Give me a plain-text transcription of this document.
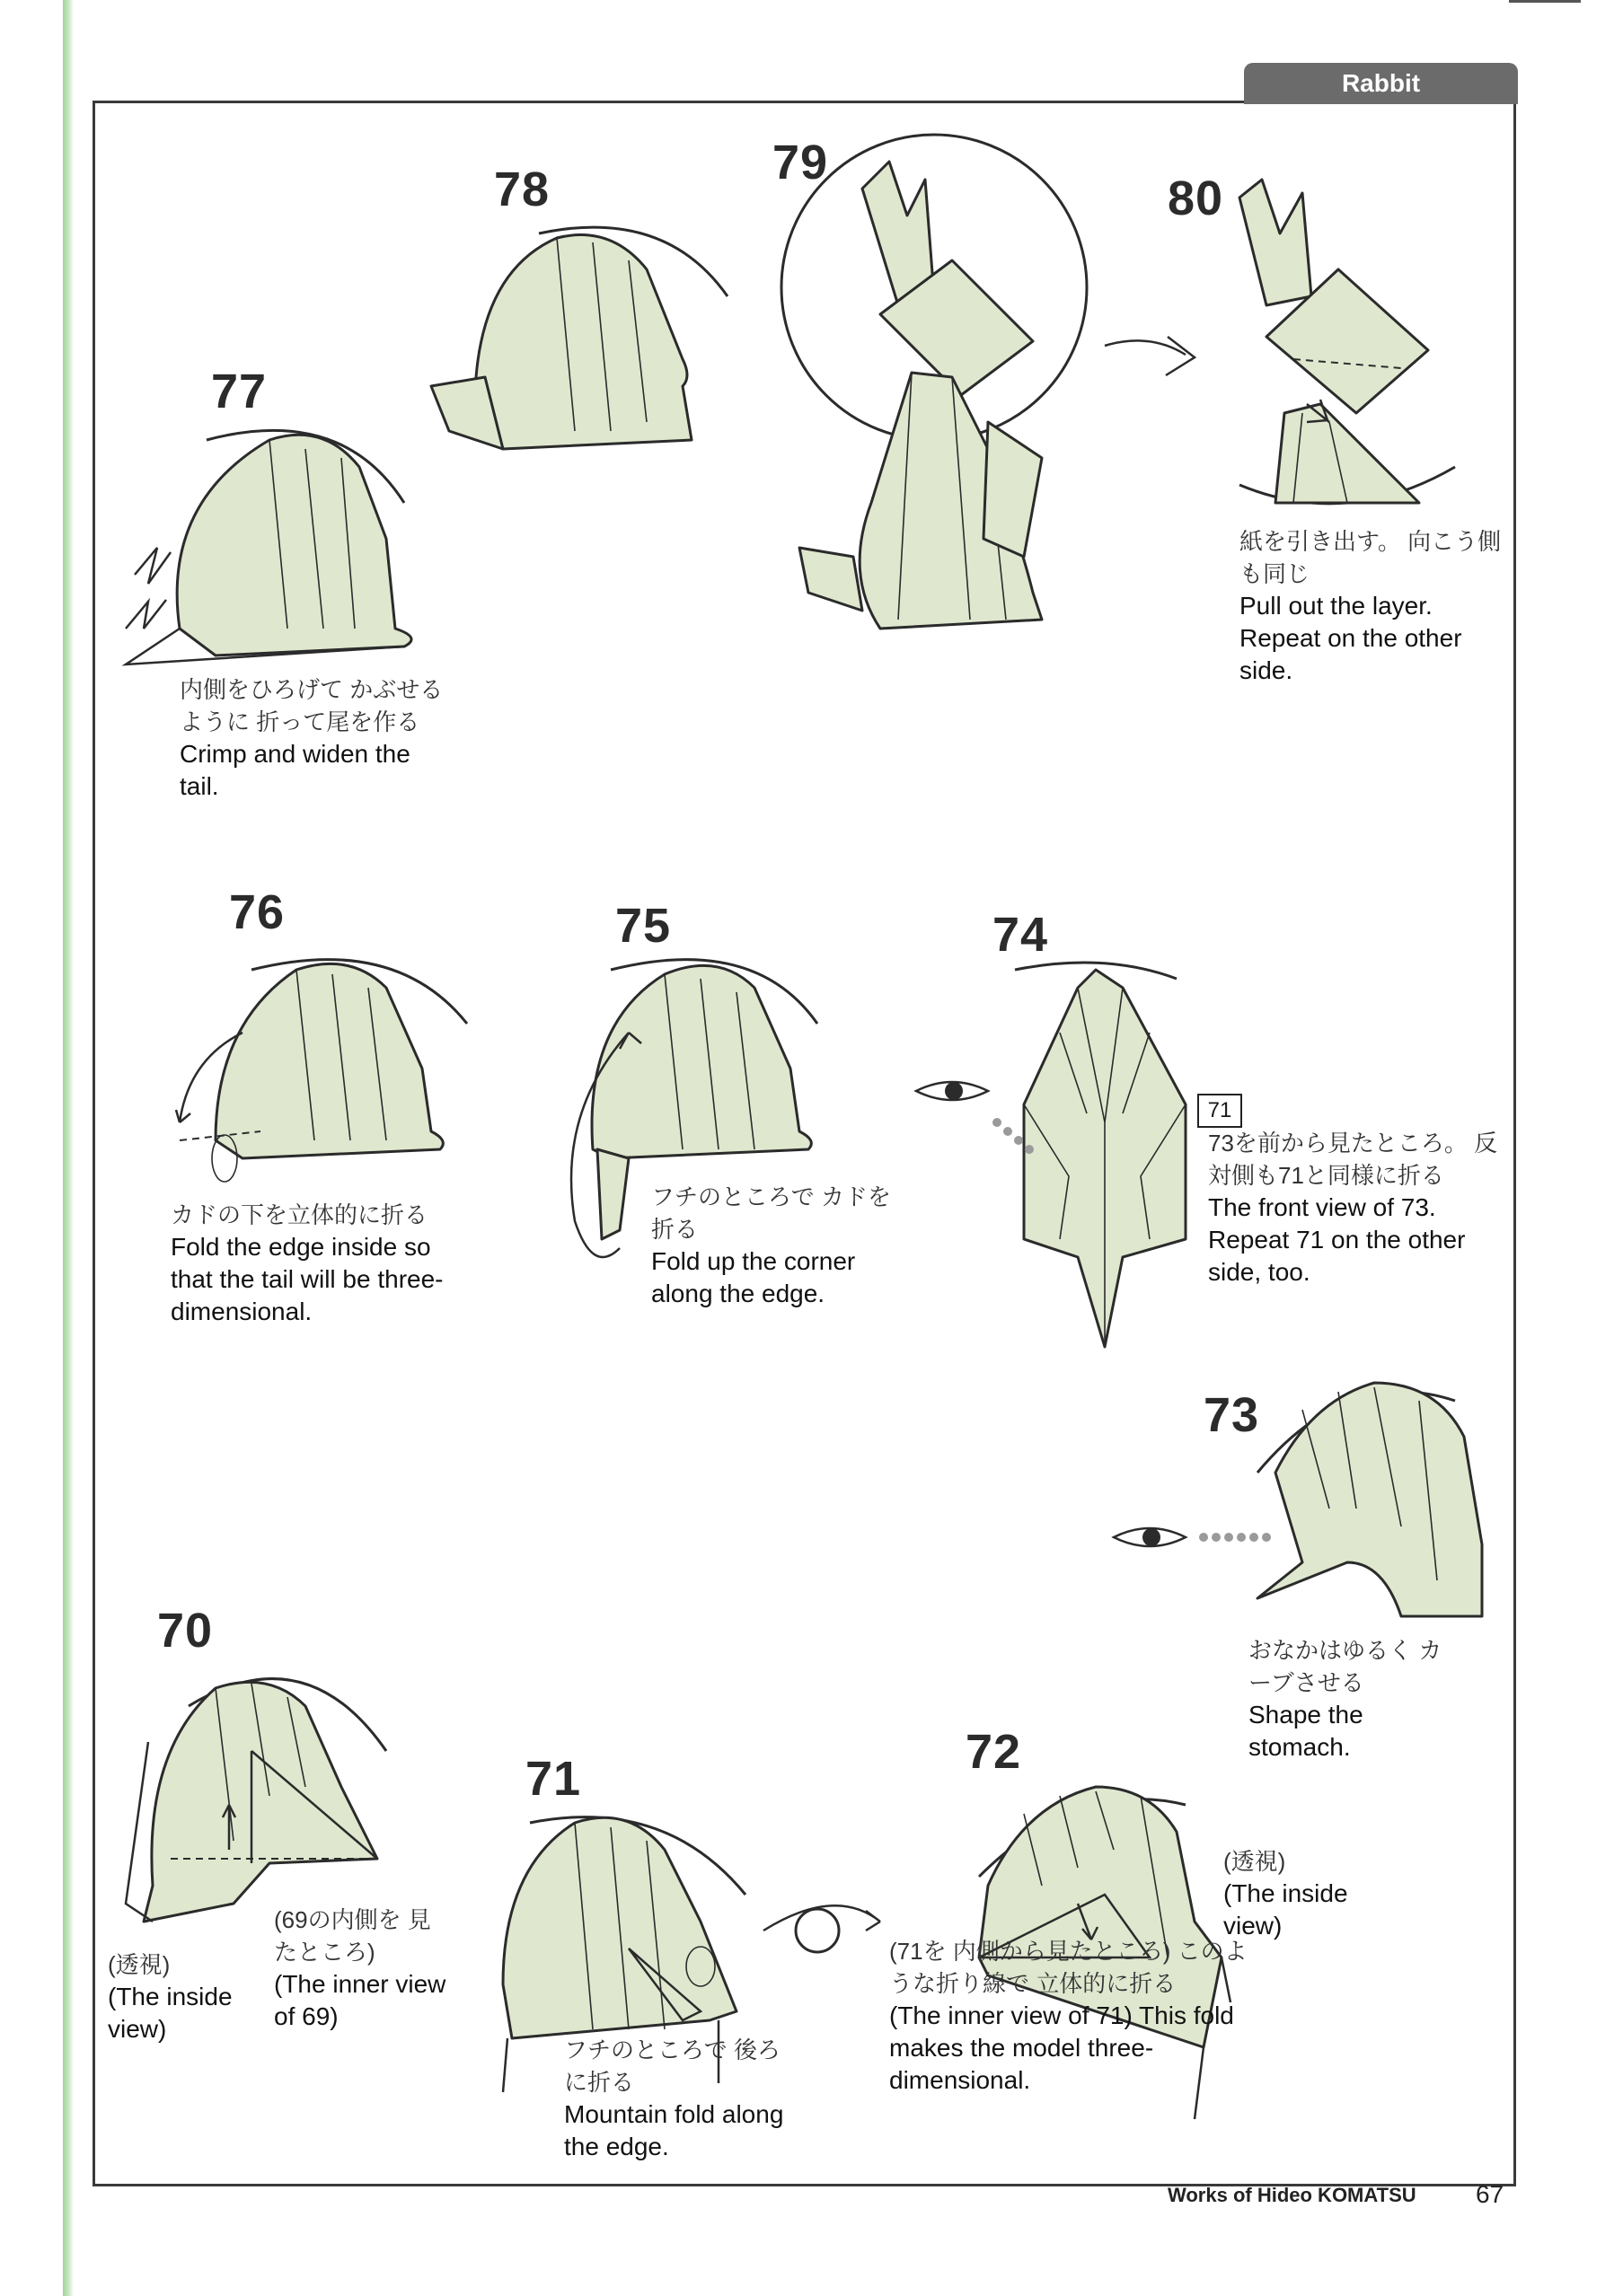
Rabbit
77
78	79
80
76	75	74
73
70
71	72
内側をひろげて かぶせるように 折って尾を作る
Crimp and widen the tail.
紙を引き出す。 向こう側も同じ
Pull out the layer. Repeat on the other side.
カドの下を立体的に折る
Fold the edge inside so that the tail will be three-dimensional.
フチのところで カドを折る
Fold up the corner along the edge.
71
73を前から見たところ。 反対側も71と同様に折る
The front view of 73. Repeat 71 on the other side, too.
おなかはゆるく カーブさせる
Shape the stomach.
(透視)
(The inside view)
(69の内側を 見たところ)
(The inner view of 69)
フチのところで 後ろに折る
Mountain fold along the edge.
(71を 内側から見たところ) このような折り線で 立体的に折る
(The inner view of 71) This fold makes the model three-dimensional.
(透視)
(The inside view)
Works of Hideo KOMATSU 67
